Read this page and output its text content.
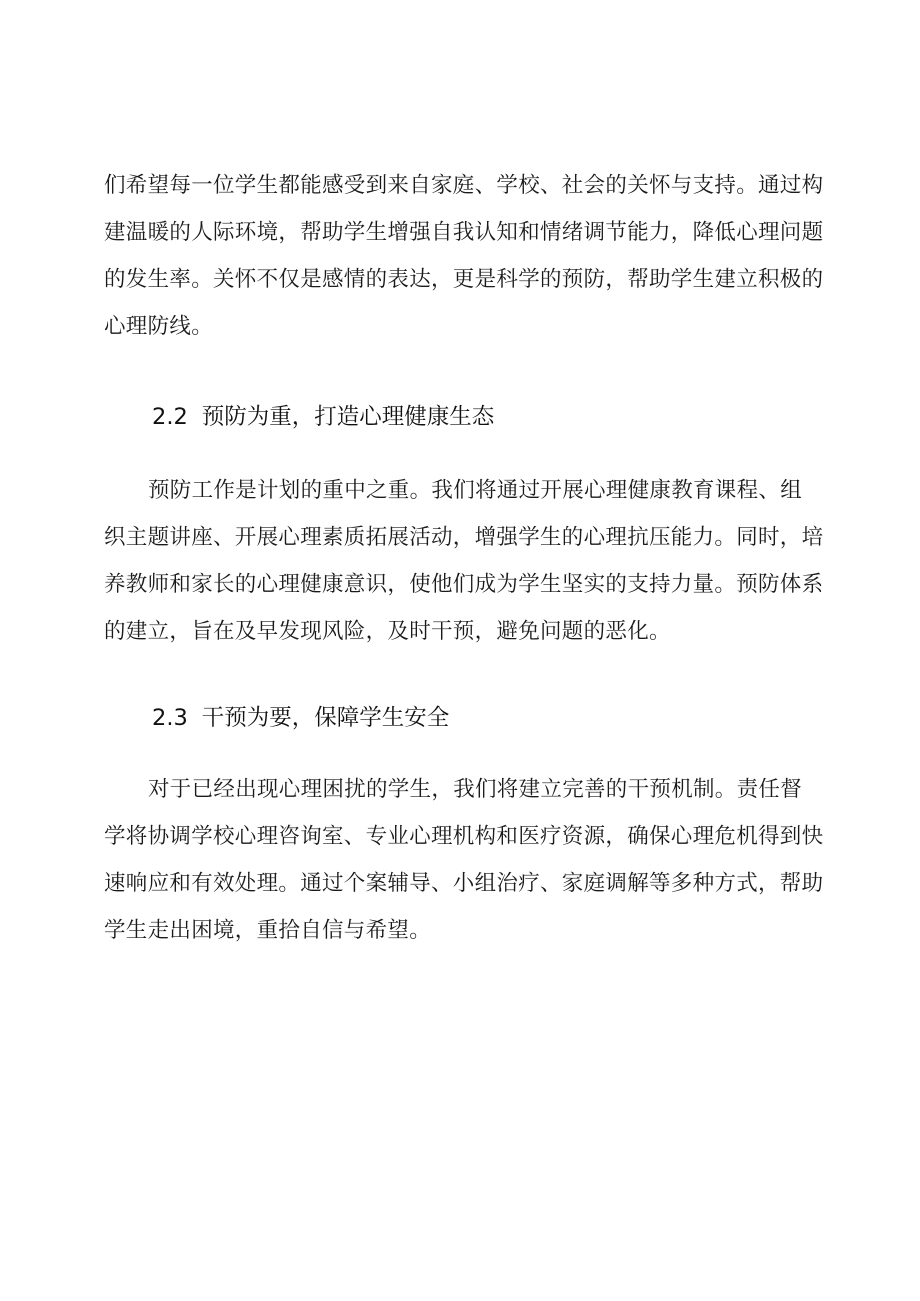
们希望每一位学生都能感受到来自家庭、学校、社会的关怀与支持。通过构
建温暖的人际环境，帮助学生增强自我认知和情绪调节能力，降低心理问题
的发生率。关怀不仅是感情的表达，更是科学的预防，帮助学生建立积极的
心理防线。
2.2 预防为重，打造心理健康生态
预防工作是计划的重中之重。我们将通过开展心理健康教育课程、组
织主题讲座、开展心理素质拓展活动，增强学生的心理抗压能力。同时，培
养教师和家长的心理健康意识，使他们成为学生坚实的支持力量。预防体系
的建立，旨在及早发现风险，及时干预，避免问题的恶化。
2.3 干预为要，保障学生安全
对于已经出现心理困扰的学生，我们将建立完善的干预机制。责任督
学将协调学校心理咨询室、专业心理机构和医疗资源，确保心理危机得到快
速响应和有效处理。通过个案辅导、小组治疗、家庭调解等多种方式，帮助
学生走出困境，重拾自信与希望。
